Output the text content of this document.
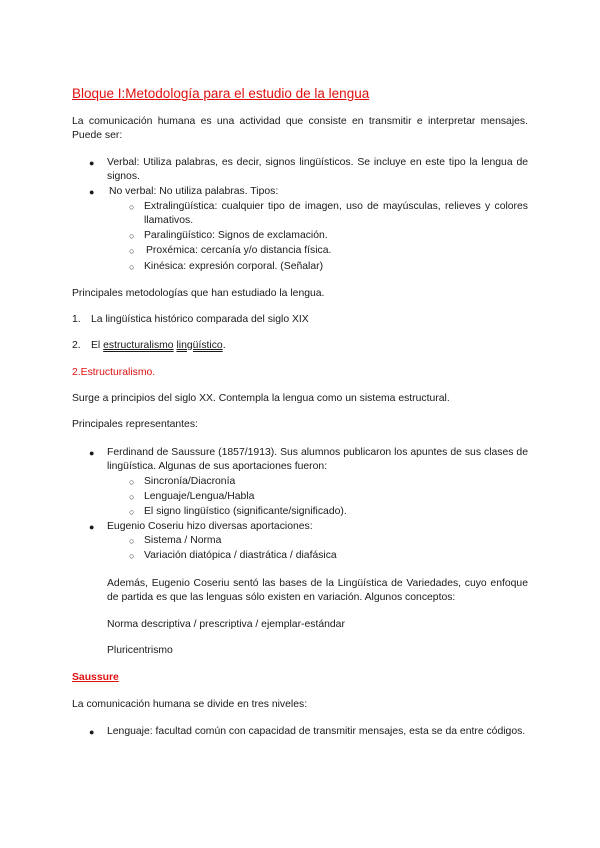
Bloque I:Metodología para el estudio de la lengua
La comunicación humana es una actividad que consiste en transmitir e interpretar mensajes. Puede ser:
● Verbal: Utiliza palabras, es decir, signos lingüísticos. Se incluye en este tipo la lengua de signos.
● No verbal: No utiliza palabras. Tipos:
○ Extralingüística: cualquier tipo de imagen, uso de mayúsculas, relieves y colores llamativos.
○ Paralingüístico: Signos de exclamación.
○ Proxémica: cercanía y/o distancia física.
○ Kinésica: expresión corporal. (Señalar)
Principales metodologías que han estudiado la lengua.
1. La lingüística histórico comparada del siglo XIX
2. El estructuralismo lingüístico.
2.Estructuralismo.
Surge a principios del siglo XX. Contempla la lengua como un sistema estructural.
Principales representantes:
● Ferdinand de Saussure (1857/1913). Sus alumnos publicaron los apuntes de sus clases de lingüística. Algunas de sus aportaciones fueron:
○ Sincronía/Diacronía
○ Lenguaje/Lengua/Habla
○ El signo lingüístico (significante/significado).
● Eugenio Coseriu hizo diversas aportaciones:
○ Sistema / Norma
○ Variación diatópica / diastrática / diafásica
Además, Eugenio Coseriu sentó las bases de la Lingüística de Variedades, cuyo enfoque de partida es que las lenguas sólo existen en variación. Algunos conceptos:
Norma descriptiva / prescriptiva / ejemplar-estándar
Pluricentrismo
Saussure
La comunicación humana se divide en tres niveles:
● Lenguaje: facultad común con capacidad de transmitir mensajes, esta se da entre códigos.
